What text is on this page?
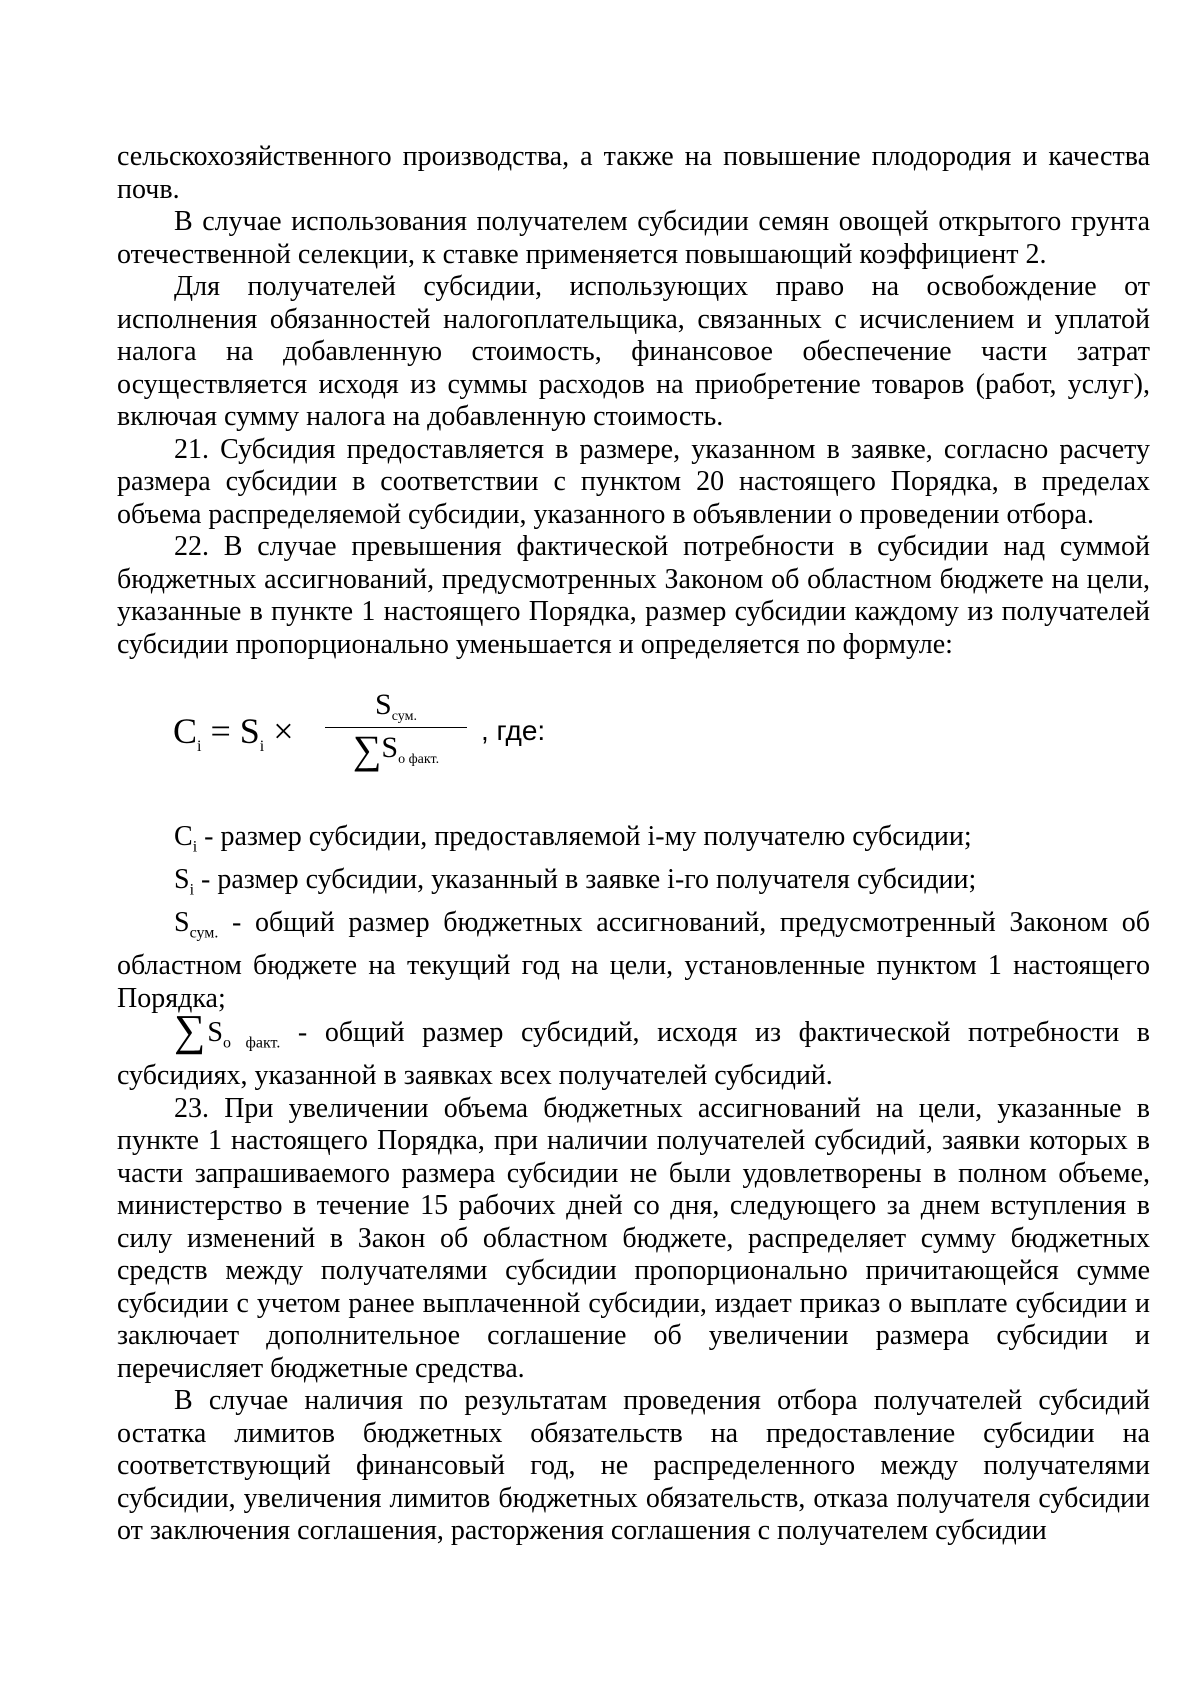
сельскохозяйственного производства, а также на повышение плодородия и качества почв.

В случае использования получателем субсидии семян овощей открытого грунта отечественной селекции, к ставке применяется повышающий коэффициент 2.

Для получателей субсидии, использующих право на освобождение от исполнения обязанностей налогоплательщика, связанных с исчислением и уплатой налога на добавленную стоимость, финансовое обеспечение части затрат осуществляется исходя из суммы расходов на приобретение товаров (работ, услуг), включая сумму налога на добавленную стоимость.

21. Субсидия предоставляется в размере, указанном в заявке, согласно расчету размера субсидии в соответствии с пунктом 20 настоящего Порядка, в пределах объема распределяемой субсидии, указанного в объявлении о проведении отбора.

22. В случае превышения фактической потребности в субсидии над суммой бюджетных ассигнований, предусмотренных Законом об областном бюджете на цели, указанные в пункте 1 настоящего Порядка, размер субсидии каждому из получателей субсидии пропорционально уменьшается и определяется по формуле:

$C_i = S_i$ ×
$S_{сум.}$
$\sum S_{о факт.}$
, где:

$C_i$ - размер субсидии, предоставляемой i-му получателю субсидии;

$S_i$ - размер субсидии, указанный в заявке i-го получателя субсидии;

$S_{сум.}$ - общий размер бюджетных ассигнований, предусмотренный Законом об областном бюджете на текущий год на цели, установленные пунктом 1 настоящего Порядка;

$\sum S_{о факт.}$ - общий размер субсидий, исходя из фактической потребности в субсидиях, указанной в заявках всех получателей субсидий.

23. При увеличении объема бюджетных ассигнований на цели, указанные в пункте 1 настоящего Порядка, при наличии получателей субсидий, заявки которых в части запрашиваемого размера субсидии не были удовлетворены в полном объеме, министерство в течение 15 рабочих дней со дня, следующего за днем вступления в силу изменений в Закон об областном бюджете, распределяет сумму бюджетных средств между получателями субсидии пропорционально причитающейся сумме субсидии с учетом ранее выплаченной субсидии, издает приказ о выплате субсидии и заключает дополнительное соглашение об увеличении размера субсидии и перечисляет бюджетные средства.

В случае наличия по результатам проведения отбора получателей субсидий остатка лимитов бюджетных обязательств на предоставление субсидии на соответствующий финансовый год, не распределенного между получателями субсидии, увеличения лимитов бюджетных обязательств, отказа получателя субсидии от заключения соглашения, расторжения соглашения с получателем субсидии
